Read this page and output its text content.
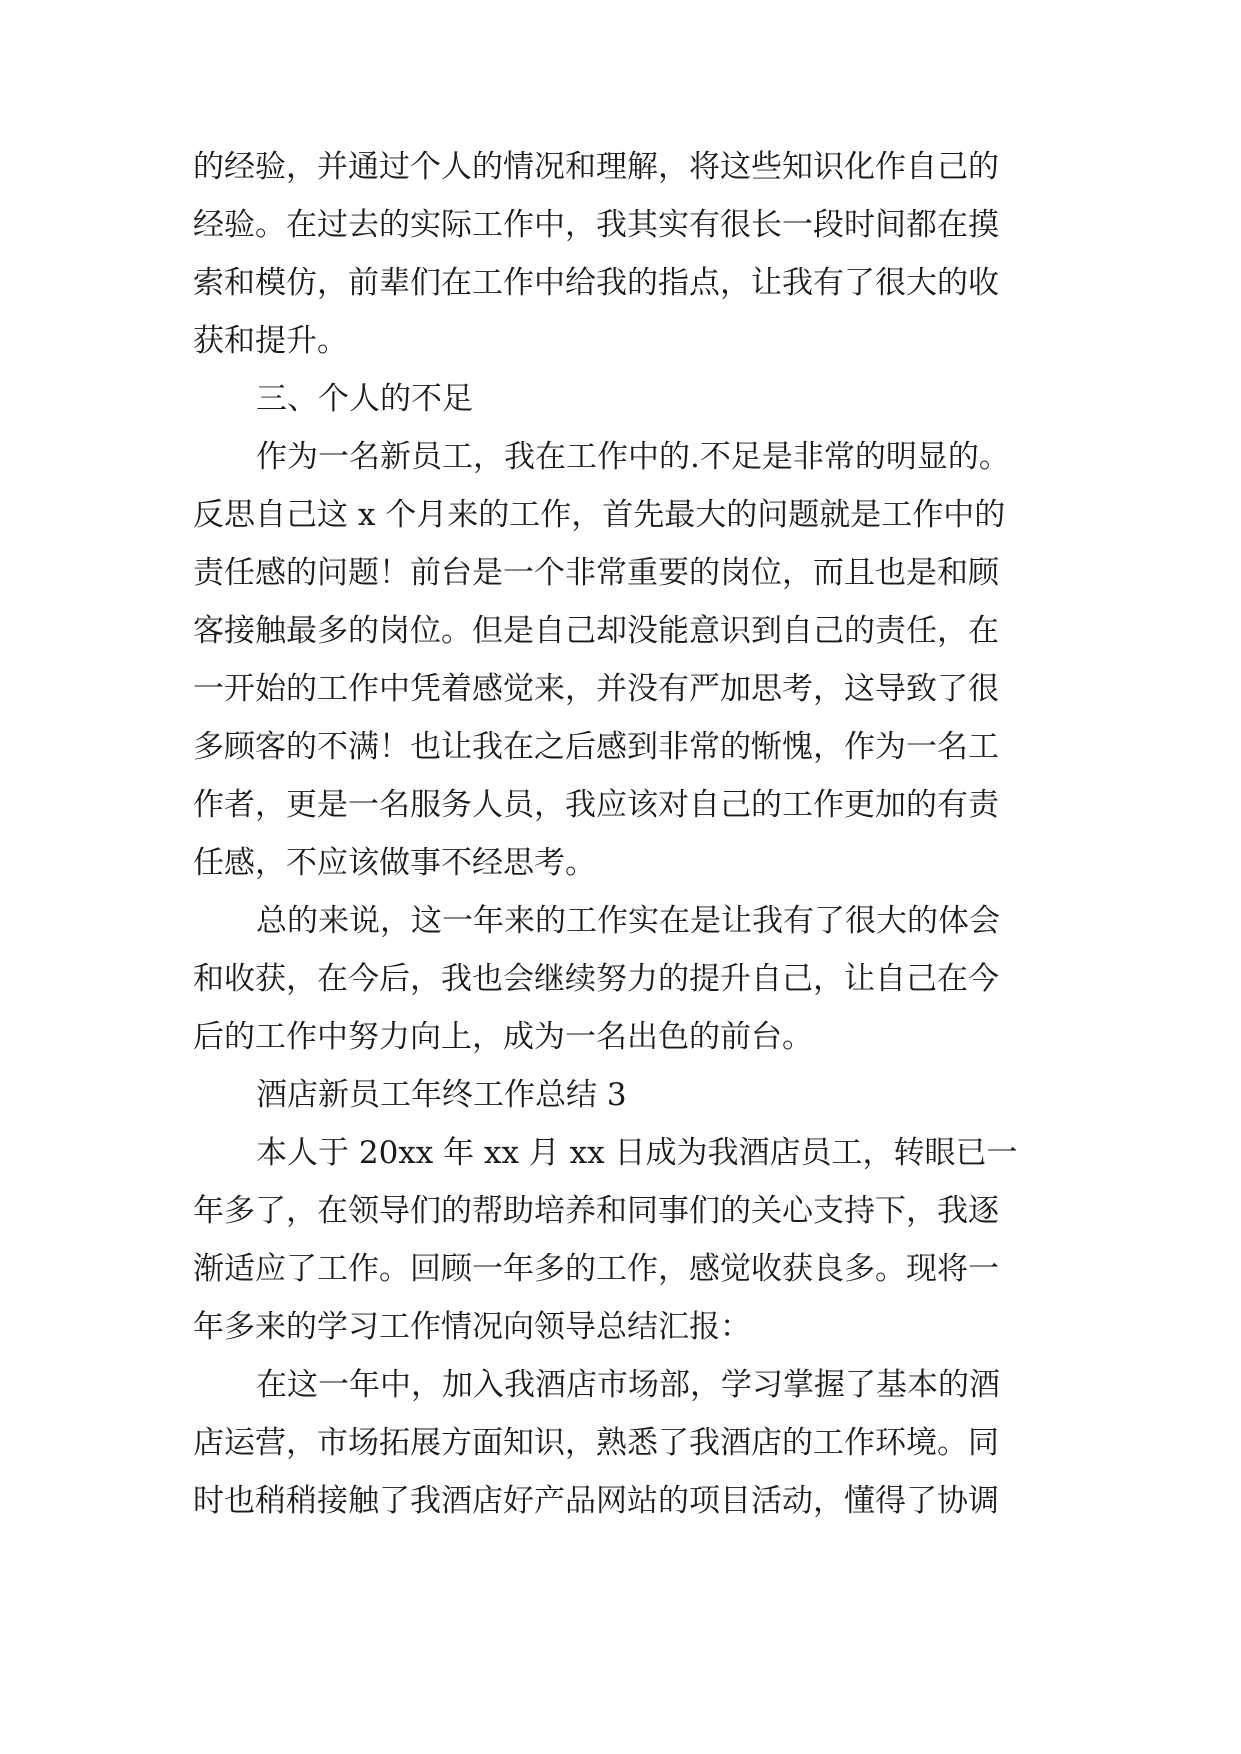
的经验，并通过个人的情况和理解，将这些知识化作自己的

经验。在过去的实际工作中，我其实有很长一段时间都在摸

索和模仿，前辈们在工作中给我的指点，让我有了很大的收

获和提升。

三、个人的不足

作为一名新员工，我在工作中的.不足是非常的明显的。

反思自己这 x 个月来的工作，首先最大的问题就是工作中的

责任感的问题！前台是一个非常重要的岗位，而且也是和顾

客接触最多的岗位。但是自己却没能意识到自己的责任，在

一开始的工作中凭着感觉来，并没有严加思考，这导致了很

多顾客的不满！也让我在之后感到非常的惭愧，作为一名工

作者，更是一名服务人员，我应该对自己的工作更加的有责

任感，不应该做事不经思考。

总的来说，这一年来的工作实在是让我有了很大的体会

和收获，在今后，我也会继续努力的提升自己，让自己在今

后的工作中努力向上，成为一名出色的前台。

酒店新员工年终工作总结 3

本人于 20xx 年 xx 月 xx 日成为我酒店员工，转眼已一

年多了，在领导们的帮助培养和同事们的关心支持下，我逐

渐适应了工作。回顾一年多的工作，感觉收获良多。现将一

年多来的学习工作情况向领导总结汇报：

在这一年中，加入我酒店市场部，学习掌握了基本的酒

店运营，市场拓展方面知识，熟悉了我酒店的工作环境。同

时也稍稍接触了我酒店好产品网站的项目活动，懂得了协调
